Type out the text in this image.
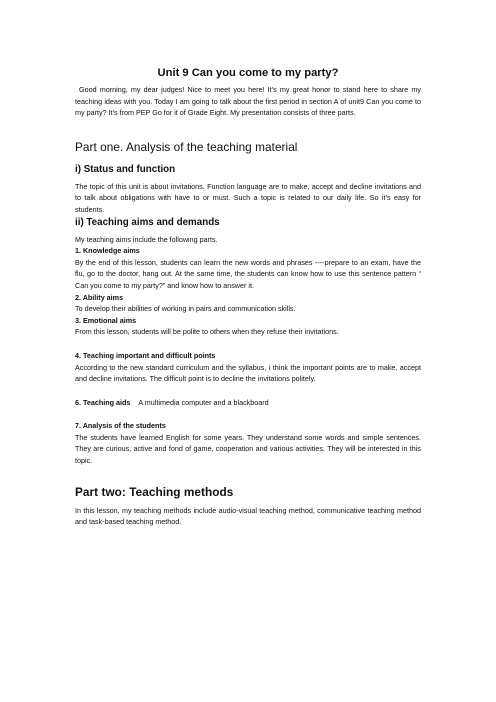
Unit 9 Can you come to my party?

Good morning, my dear judges! Nice to meet you here! It’s my great honor to stand here to share my teaching ideas with you. Today I am going to talk about the first period in section A of unit9 Can you come to my party? It’s from PEP Go for it of Grade Eight. My presentation consists of three parts.

Part one. Analysis of the teaching material
i) Status and function

The topic of this unit is about invitations. Function language are to make, accept and decline invitations and to talk about obligations with have to or must. Such a topic is related to our daily life. So it’s easy for students.

ii) Teaching aims and demands

My teaching aims include the following parts.

1. Knowledge aims

By the end of this lesson, students can learn the new words and phrases ----prepare to an exam, have the flu, go to the doctor, hang out. At the same time, the students can know how to use this sentence pattern “ Can you come to my party?” and know how to answer it.

2. Ability aims

To develop their abilities of working in pairs and communication skills.

3. Emotional aims

From this lesson, students will be polite to others when they refuse their invitations.

4. Teaching important and difficult points

According to the new standard curriculum and the syllabus, i think the important points are to make, accept and decline invitations. The difficult point is to decline the invitations politely.

6. Teaching aids A multimedia computer and a blackboard

7. Analysis of the students

The students have learned English for some years. They understand some words and simple sentences. They are curious, active and fond of game, cooperation and various activities. They will be interested in this topic.

Part two: Teaching methods

In this lesson, my teaching methods include audio-visual teaching method, communicative teaching method and task-based teaching method.
